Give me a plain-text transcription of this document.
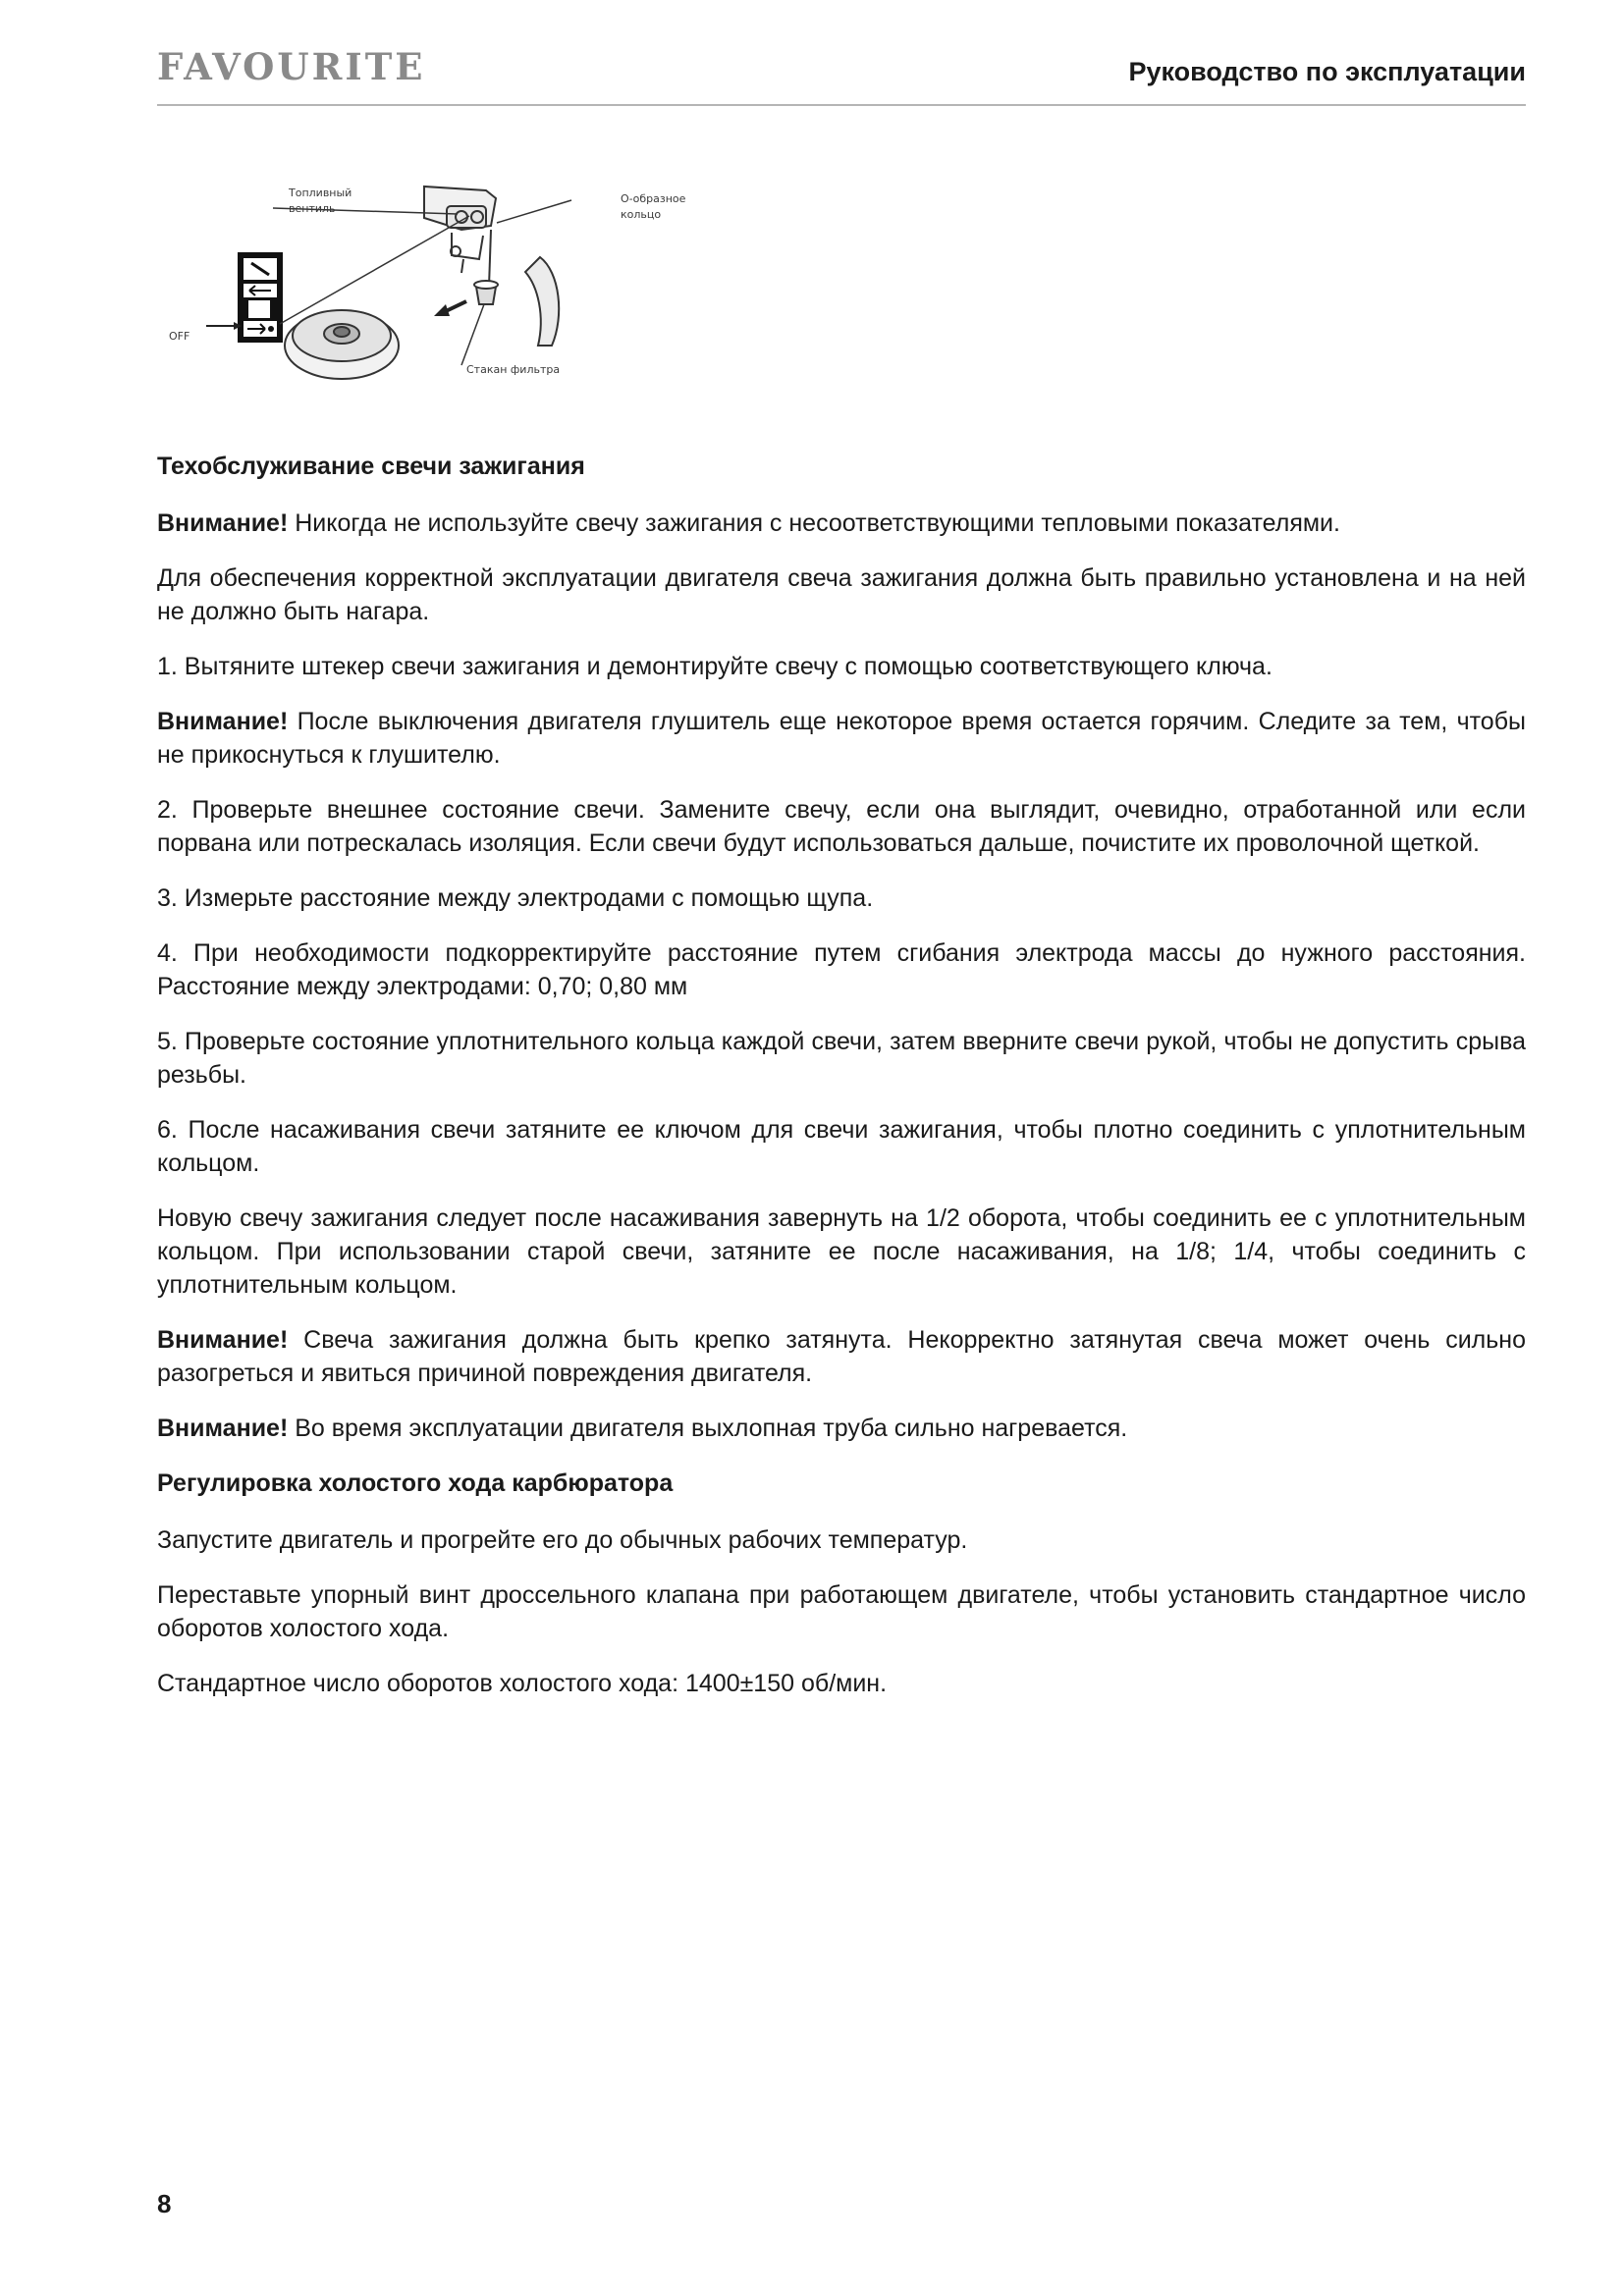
FAVOURITE	Руководство по эксплуатации
Топливный
вентиль
О-образное
кольцо
OFF
Стакан фильтра
Техобслуживание свечи зажигания
Внимание! Никогда не используйте свечу зажигания с несоответствующими тепловыми показателями.
Для обеспечения корректной эксплуатации двигателя свеча зажигания должна быть правильно установлена и на ней не должно быть нагара.
1. Вытяните штекер свечи зажигания и демонтируйте свечу с помощью соответствующего ключа.
Внимание! После выключения двигателя глушитель еще некоторое время остается горячим. Следите за тем, чтобы не прикоснуться к глушителю.
2. Проверьте внешнее состояние свечи. Замените свечу, если она выглядит, очевидно, отработанной или если порвана или потрескалась изоляция. Если свечи будут использоваться дальше, почистите их проволочной щеткой.
3. Измерьте расстояние между электродами с помощью щупа.
4. При необходимости подкорректируйте расстояние путем сгибания электрода массы до нужного расстояния. Расстояние между электродами: 0,70; 0,80 мм
5. Проверьте состояние уплотнительного кольца каждой свечи, затем вверните свечи рукой, чтобы не допустить срыва резьбы.
6. После насаживания свечи затяните ее ключом для свечи зажигания, чтобы плотно соединить с уплотнительным кольцом.
Новую свечу зажигания следует после насаживания завернуть на 1/2 оборота, чтобы соединить ее с уплотнительным кольцом. При использовании старой свечи, затяните ее после насаживания, на 1/8; 1/4, чтобы соединить с уплотнительным кольцом.
Внимание! Свеча зажигания должна быть крепко затянута. Некорректно затянутая свеча может очень сильно разогреться и явиться причиной повреждения двигателя.
Внимание! Во время эксплуатации двигателя выхлопная труба сильно нагревается.
Регулировка холостого хода карбюратора
Запустите двигатель и прогрейте его до обычных рабочих температур.
Переставьте упорный винт дроссельного клапана при работающем двигателе, чтобы установить стандартное число оборотов холостого хода.
Стандартное число оборотов холостого хода: 1400±150 об/мин.
8
